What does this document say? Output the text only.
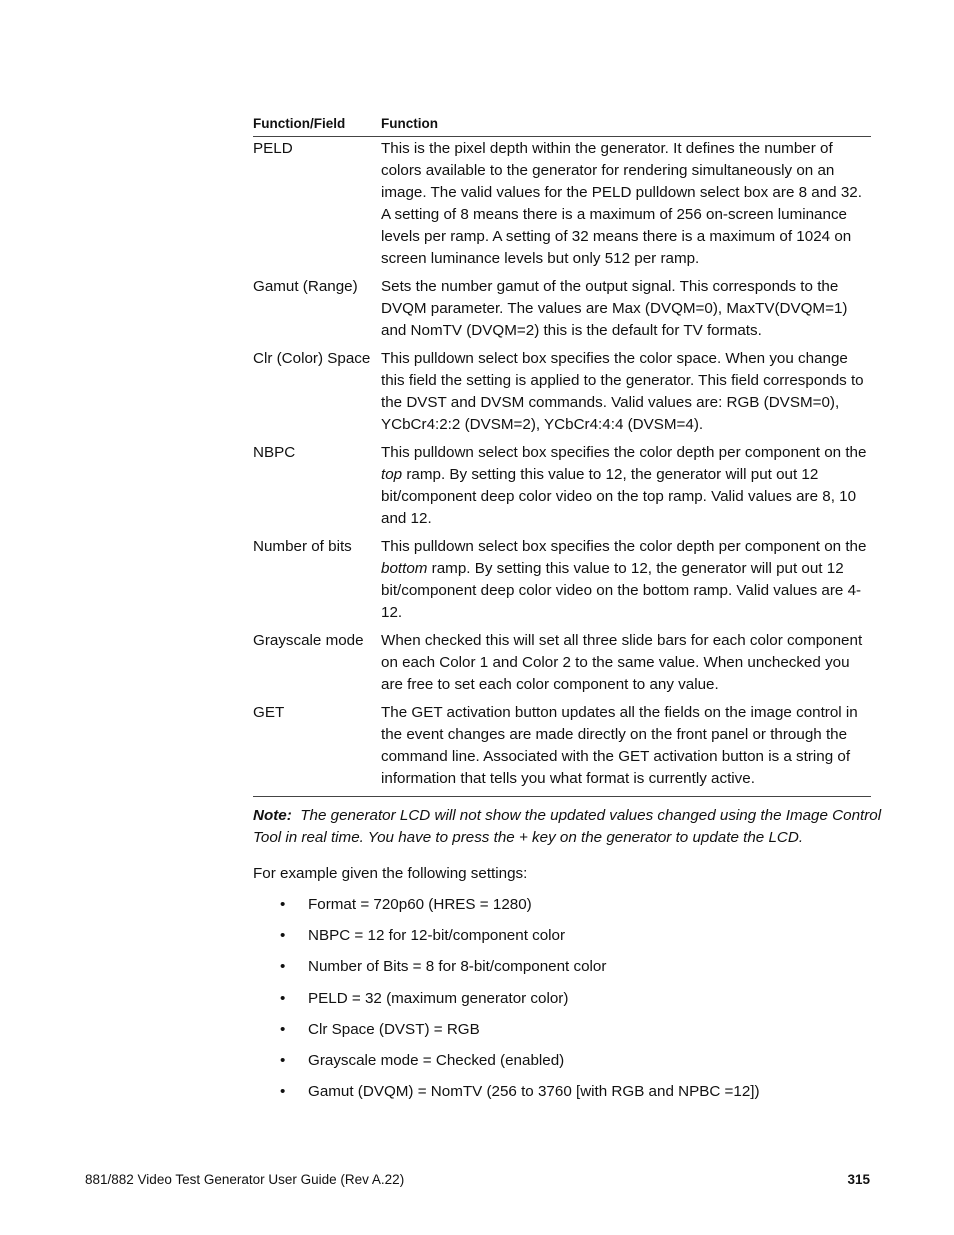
Function/Field	Function
PELD	This is the pixel depth within the generator. It defines the number of colors available to the generator for rendering simultaneously on an image. The valid values for the PELD pulldown select box are 8 and 32. A setting of 8 means there is a maximum of 256 on-screen luminance levels per ramp. A setting of 32 means there is a maximum of 1024 on screen luminance levels but only 512 per ramp.
Gamut (Range)	Sets the number gamut of the output signal. This corresponds to the DVQM parameter. The values are Max (DVQM=0), MaxTV(DVQM=1) and NomTV (DVQM=2) this is the default for TV formats.
Clr (Color) Space	This pulldown select box specifies the color space. When you change this field the setting is applied to the generator. This field corresponds to the DVST and DVSM commands. Valid values are: RGB (DVSM=0), YCbCr4:2:2 (DVSM=2), YCbCr4:4:4 (DVSM=4).
NBPC	This pulldown select box specifies the color depth per component on the top ramp. By setting this value to 12, the generator will put out 12 bit/component deep color video on the top ramp. Valid values are 8, 10 and 12.
Number of bits	This pulldown select box specifies the color depth per component on the bottom ramp. By setting this value to 12, the generator will put out 12 bit/component deep color video on the bottom ramp. Valid values are 4-12.
Grayscale mode	When checked this will set all three slide bars for each color component on each Color 1 and Color 2 to the same value. When unchecked you are free to set each color component to any value.
GET	The GET activation button updates all the fields on the image control in the event changes are made directly on the front panel or through the command line. Associated with the GET activation button is a string of information that tells you what format is currently active.
Note: The generator LCD will not show the updated values changed using the Image Control Tool in real time. You have to press the + key on the generator to update the LCD.
For example given the following settings:
• Format = 720p60 (HRES = 1280)
• NBPC = 12 for 12-bit/component color
• Number of Bits = 8 for 8-bit/component color
• PELD = 32 (maximum generator color)
• Clr Space (DVST) = RGB
• Grayscale mode = Checked (enabled)
• Gamut (DVQM) = NomTV (256 to 3760 [with RGB and NPBC =12])
881/882 Video Test Generator User Guide (Rev A.22)	315
